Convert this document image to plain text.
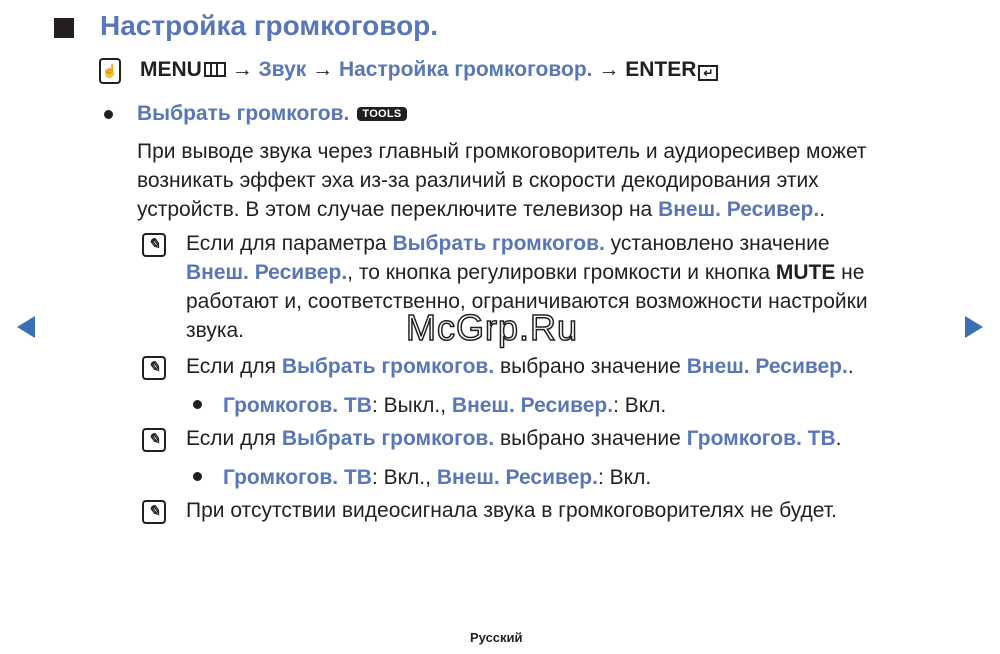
Настройка громкоговор.
☝ MENU → Звук → Настройка громкоговор. → ENTER ↵
Выбрать громкогов. TOOLS
При выводе звука через главный громкоговоритель и аудиоресивер может
возникать эффект эха из-за различий в скорости декодирования этих
устройств. В этом случае переключите телевизор на Внеш. Ресивер..
✎ Если для параметра Выбрать громкогов. установлено значение
Внеш. Ресивер., то кнопка регулировки громкости и кнопка MUTE не
работают и, соответственно, ограничиваются возможности настройки
звука.
✎ Если для Выбрать громкогов. выбрано значение Внеш. Ресивер..
Громкогов. ТВ: Выкл., Внеш. Ресивер.: Вкл.
✎ Если для Выбрать громкогов. выбрано значение Громкогов. ТВ.
Громкогов. ТВ: Вкл., Внеш. Ресивер.: Вкл.
✎ При отсутствии видеосигнала звука в громкоговорителях не будет.
McGrp.Ru
Русский
